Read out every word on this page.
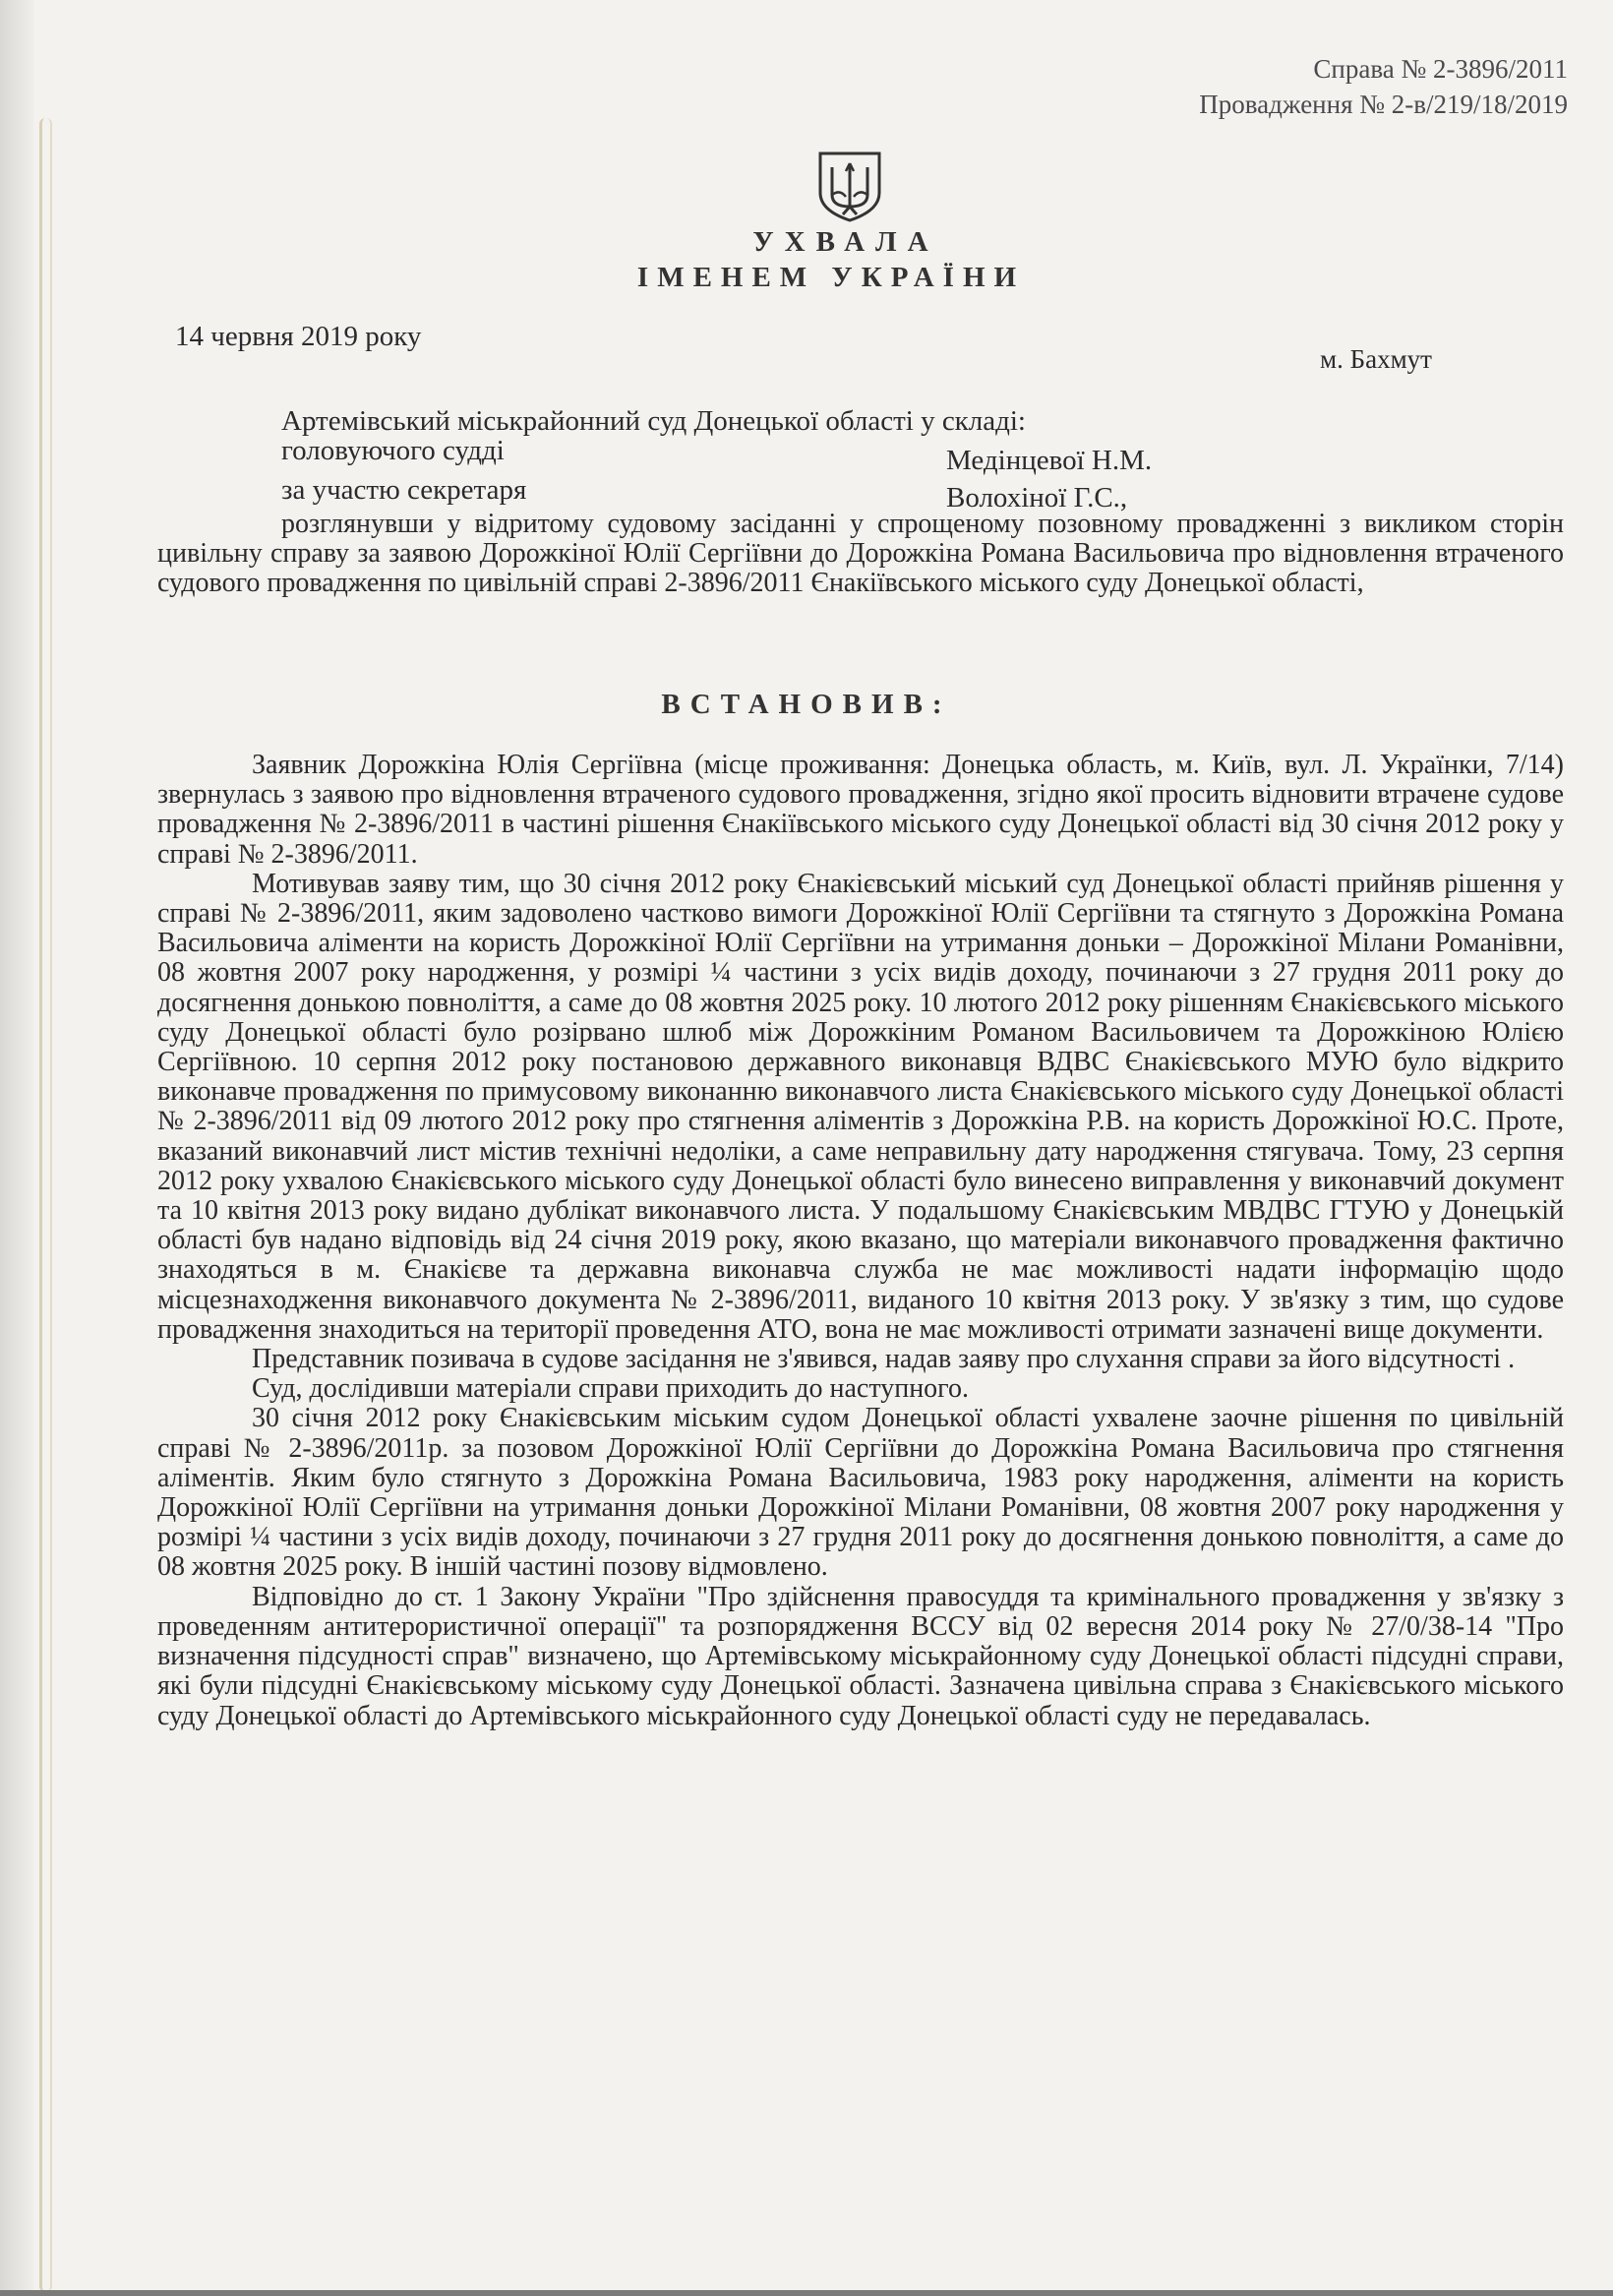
Справа № 2-3896/2011
Провадження № 2-в/219/18/2019
УХВАЛА
ІМЕНЕМ УКРАЇНИ
14 червня 2019 року
м. Бахмут
Артемівський міськрайонний суд Донецької області у складі:
головуючого судді	Медінцевої Н.М.
за участю секретаря	Волохіної Г.С.,
розглянувши у відритому судовому засіданні у спрощеному позовному провадженні з викликом сторін цивільну справу за заявою Дорожкіної Юлії Сергіївни до Дорожкіна Романа Васильовича про відновлення втраченого судового провадження по цивільній справі 2-3896/2011 Єнакіївського міського суду Донецької області,
ВСТАНОВИВ:

Заявник Дорожкіна Юлія Сергіївна (місце проживання: Донецька область, м. Київ, вул. Л. Українки, 7/14) звернулась з заявою про відновлення втраченого судового провадження, згідно якої просить відновити втрачене судове провадження № 2-3896/2011 в частині рішення Єнакіївського міського суду Донецької області від 30 січня 2012 року у справі № 2-3896/2011.

Мотивував заяву тим, що 30 січня 2012 року Єнакієвський міський суд Донецької області прийняв рішення у справі № 2-3896/2011, яким задоволено частково вимоги Дорожкіної Юлії Сергіївни та стягнуто з Дорожкіна Романа Васильовича аліменти на користь Дорожкіної Юлії Сергіївни на утримання доньки – Дорожкіної Мілани Романівни, 08 жовтня 2007 року народження, у розмірі ¼ частини з усіх видів доходу, починаючи з 27 грудня 2011 року до досягнення донькою повноліття, а саме до 08 жовтня 2025 року. 10 лютого 2012 року рішенням Єнакієвського міського суду Донецької області було розірвано шлюб між Дорожкіним Романом Васильовичем та Дорожкіною Юлією Сергіївною. 10 серпня 2012 року постановою державного виконавця ВДВС Єнакієвського МУЮ було відкрито виконавче провадження по примусовому виконанню виконавчого листа Єнакієвського міського суду Донецької області № 2-3896/2011 від 09 лютого 2012 року про стягнення аліментів з Дорожкіна Р.В. на користь Дорожкіної Ю.С. Проте, вказаний виконавчий лист містив технічні недоліки, а саме неправильну дату народження стягувача. Тому, 23 серпня 2012 року ухвалою Єнакієвського міського суду Донецької області було винесено виправлення у виконавчий документ та 10 квітня 2013 року видано дублікат виконавчого листа. У подальшому Єнакієвським МВДВС ГТУЮ у Донецькій області був надано відповідь від 24 січня 2019 року, якою вказано, що матеріали виконавчого провадження фактично знаходяться в м. Єнакієве та державна виконавча служба не має можливості надати інформацію щодо місцезнаходження виконавчого документа № 2-3896/2011, виданого 10 квітня 2013 року. У зв'язку з тим, що судове провадження знаходиться на території проведення АТО, вона не має можливості отримати зазначені вище документи.

Представник позивача в судове засідання не з'явився, надав заяву про слухання справи за його відсутності .

Суд, дослідивши матеріали справи приходить до наступного.

30 січня 2012 року Єнакієвським міським судом Донецької області ухвалене заочне рішення по цивільній справі № 2-3896/2011р. за позовом Дорожкіної Юлії Сергіївни до Дорожкіна Романа Васильовича про стягнення аліментів. Яким було стягнуто з Дорожкіна Романа Васильовича, 1983 року народження, аліменти на користь Дорожкіної Юлії Сергіївни на утримання доньки Дорожкіної Мілани Романівни, 08 жовтня 2007 року народження у розмірі ¼ частини з усіх видів доходу, починаючи з 27 грудня 2011 року до досягнення донькою повноліття, а саме до 08 жовтня 2025 року. В іншій частині позову відмовлено.

Відповідно до ст. 1 Закону України "Про здійснення правосуддя та кримінального провадження у зв'язку з проведенням антитерористичної операції" та розпорядження ВССУ від 02 вересня 2014 року № 27/0/38-14 "Про визначення підсудності справ" визначено, що Артемівському міськрайонному суду Донецької області підсудні справи, які були підсудні Єнакієвському міському суду Донецької області. Зазначена цивільна справа з Єнакієвського міського суду Донецької області до Артемівського міськрайонного суду Донецької області суду не передавалась.
